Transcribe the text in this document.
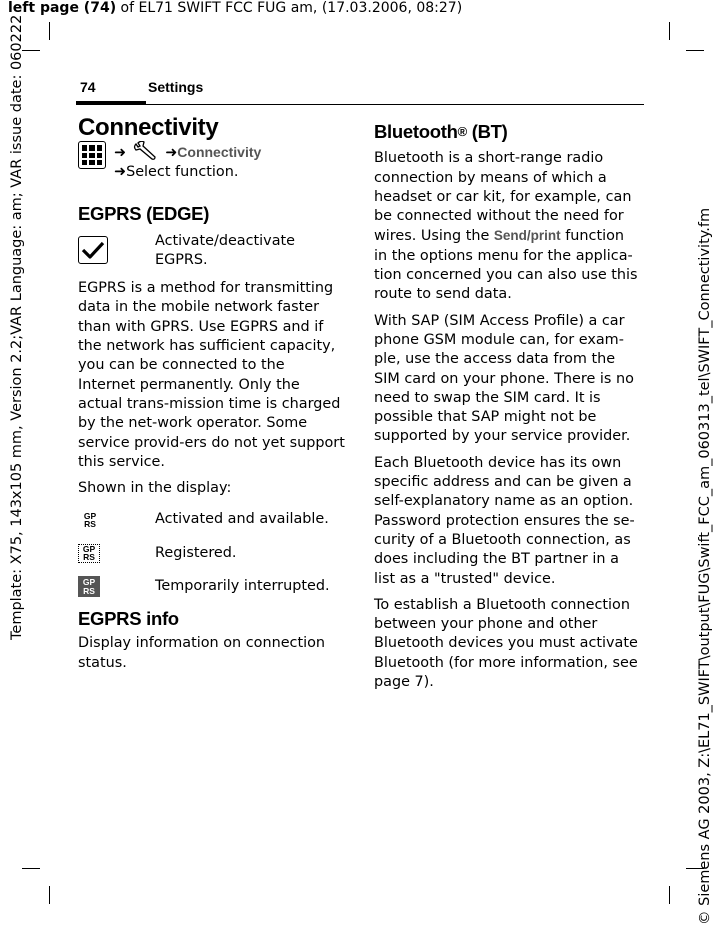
left page (74) of EL71 SWIFT FCC FUG am, (17.03.2006, 08:27)
Template: X75, 143x105 mm, Version 2.2;VAR Language: am; VAR issue date: 060222	© Siemens AG 2003, Z:\EL71_SWIFT\output\FUG\Swift_FCC_am_060313_tel\SWIFT_Connectivity.fm
74	Settings
Connectivity
➜	➜Connectivity
➜Select function.
EGPRS (EDGE)
Activate/deactivate EGPRS.

EGPRS is a method for transmitting data in the mobile network faster than with GPRS. Use EGPRS and if the network has sufficient capacity, you can be connected to the Internet permanently. Only the actual trans-mission time is charged by the net-work operator. Some service provid-ers do not yet support this service.

Shown in the display:

GP
RS	Activated and available.
GP
RS	Registered.
GP
RS	Temporarily interrupted.
EGPRS info

Display information on connection status.

Bluetooth® (BT)

Bluetooth is a short-range radio connection by means of which a headset or car kit, for example, can be connected without the need for wires. Using the Send/print function in the options menu for the applica-tion concerned you can also use this route to send data.

With SAP (SIM Access Profile) a car phone GSM module can, for exam-ple, use the access data from the SIM card on your phone. There is no need to swap the SIM card. It is possible that SAP might not be supported by your service provider.

Each Bluetooth device has its own specific address and can be given a self-explanatory name as an option. Password protection ensures the se-curity of a Bluetooth connection, as does including the BT partner in a list as a "trusted" device.

To establish a Bluetooth connection between your phone and other Bluetooth devices you must activate Bluetooth (for more information, see page 7).
